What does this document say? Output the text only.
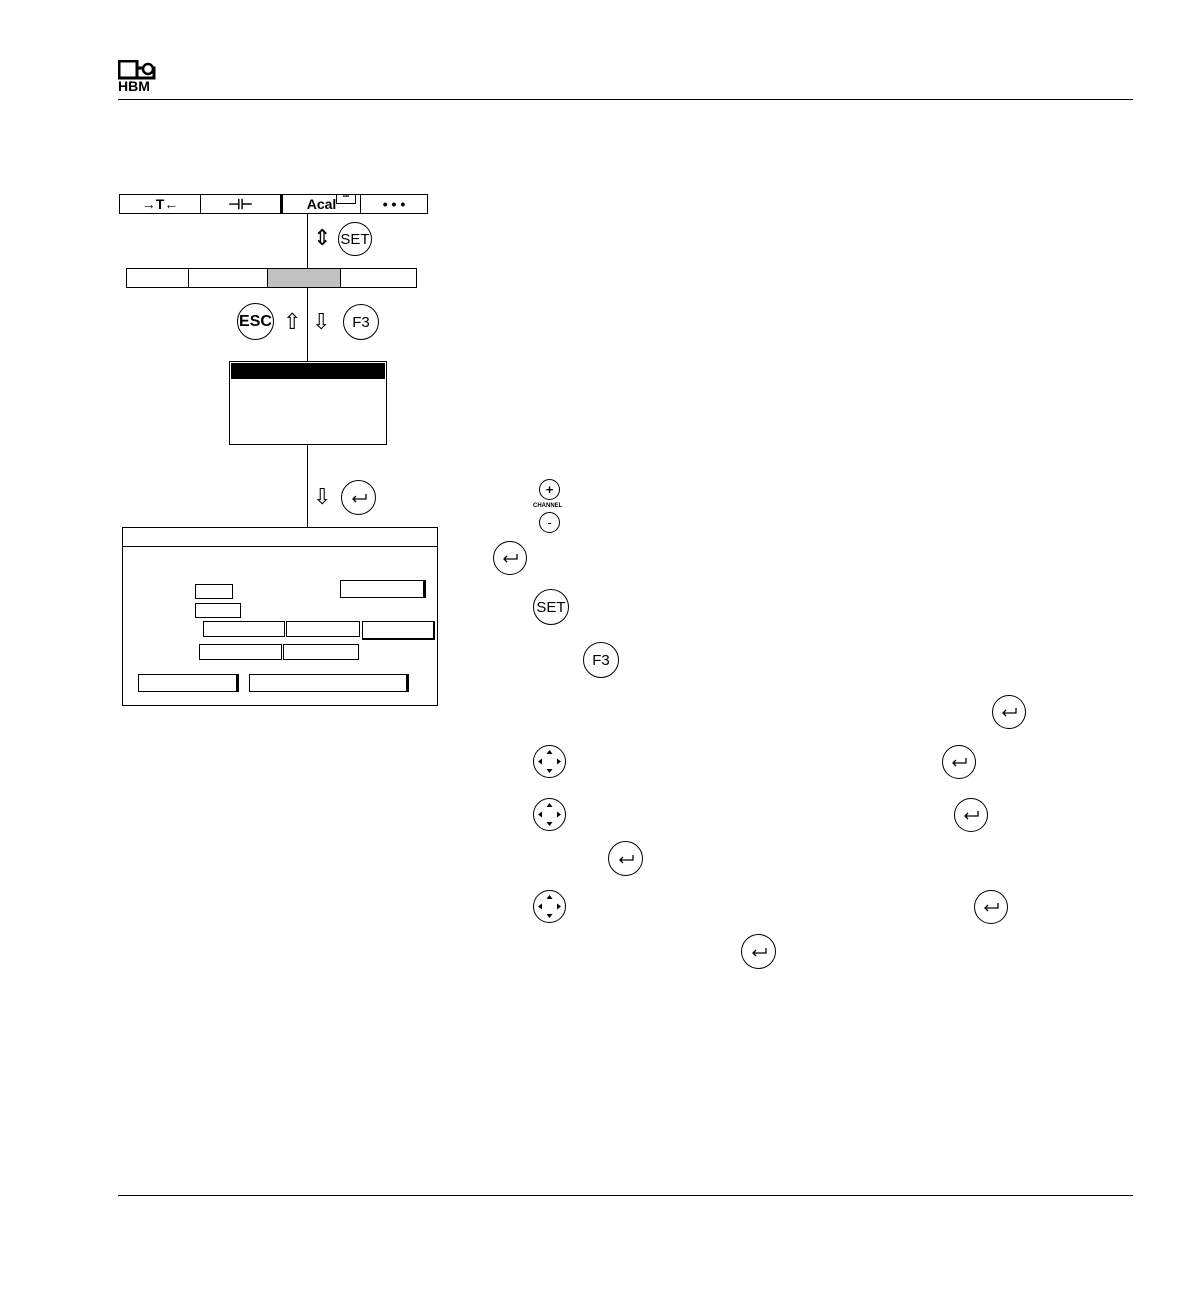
HBM
→T←	⊣⊢	Acal	•••	• • •
⇕ SET
ESC ⇧ ⇩ F3
⇩	+
CHANNEL
-
SET
F3
